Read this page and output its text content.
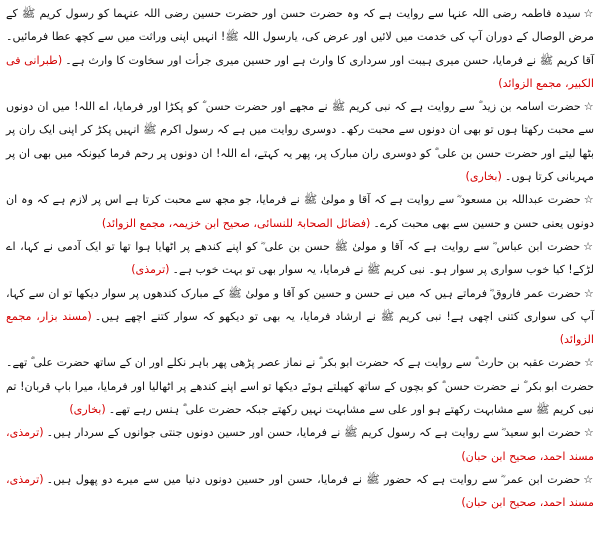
☆سیدہ فاطمہ رضی اللہ عنہا سے روایت ہے کہ وہ حضرت حسن اور حضرت حسین رضی اللہ عنہما کو رسول کریم ﷺ کے مرض الوصال کے دوران آپ کی خدمت میں لائیں اور عرض کی، یارسول اللہ ﷺ! انہیں اپنی وراثت میں سے کچھ عطا فرمائیں۔ آقا کریم ﷺ نے فرمایا، حسن میری ہیبت اور سرداری کا وارث ہے اور حسین میری جرأت اور سخاوت کا وارث ہے۔(طبرانی فی الکبیر، مجمع الزوائد)

☆حضرت اسامہ بن زید ؓ سے روایت ہے کہ نبی کریم ﷺ نے مجھے اور حضرت حسن ؓ کو پکڑا اور فرمایا، اے اللہ! میں ان دونوں سے محبت رکھتا ہوں تو بھی ان دونوں سے محبت رکھ۔ دوسری روایت میں ہے کہ رسول اکرم ﷺ انہیں پکڑ کر اپنی ایک ران پر بٹھا لیتے اور حضرت حسن بن علی ؓ کو دوسری ران مبارک پر، پھر یہ کہتے، اے اللہ! ان دونوں پر رحم فرما کیونکہ میں بھی ان پر مہربانی کرتا ہوں۔(بخاری)

☆حضرت عبداللہ بن مسعود ؓ سے روایت ہے کہ آقا و مولیٰ ﷺ نے فرمایا، جو مجھ سے محبت کرتا ہے اس پر لازم ہے کہ وہ ان دونوں یعنی حسن و حسین سے بھی محبت کرے۔(فضائل الصحابۃ للنسائی، صحیح ابن خزیمہ، مجمع الزوائد)

☆حضرت ابن عباس ؓ سے روایت ہے کہ آقا و مولیٰ ﷺ حسن بن علی ؓ کو اپنے کندھے پر اٹھایا ہوا تھا تو ایک آدمی نے کہا، اے لڑکے! کیا خوب سواری پر سوار ہو۔ نبی کریم ﷺ نے فرمایا، یہ سوار بھی تو بہت خوب ہے۔(ترمذی)

☆حضرت عمر فاروق ؓ فرماتے ہیں کہ میں نے حسن و حسین کو آقا و مولیٰ ﷺ کے مبارک کندھوں پر سوار دیکھا تو ان سے کہا، آپ کی سواری کتنی اچھی ہے! نبی کریم ﷺ نے ارشاد فرمایا، یہ بھی تو دیکھو کہ سوار کتنے اچھے ہیں۔(مسند بزار، مجمع الزوائد)

☆حضرت عقبہ بن حارث ؓ سے روایت ہے کہ حضرت ابو بکر ؓ نے نماز عصر پڑھی پھر باہر نکلے اور ان کے ساتھ حضرت علی ؓ تھے۔ حضرت ابو بکر ؓ نے حضرت حسن ؓ کو بچوں کے ساتھ کھیلتے ہوئے دیکھا تو اسے اپنے کندھے پر اٹھالیا اور فرمایا، میرا باپ قربان! تم نبی کریم ﷺ سے مشابہت رکھتے ہو اور علی سے مشابہت نہیں رکھتے جبکہ حضرت علی ؓ ہنس رہے تھے۔(بخاری)

☆حضرت ابو سعید ؓ سے روایت ہے کہ رسول کریم ﷺ نے فرمایا، حسن اور حسین دونوں جنتی جوانوں کے سردار ہیں۔(ترمذی، مسند احمد، صحیح ابن حبان)

☆حضرت ابن عمر ؓ سے روایت ہے کہ حضور ﷺ نے فرمایا، حسن اور حسین دونوں دنیا میں سے میرے دو پھول ہیں۔(ترمذی، مسند احمد، صحیح ابن حبان)
